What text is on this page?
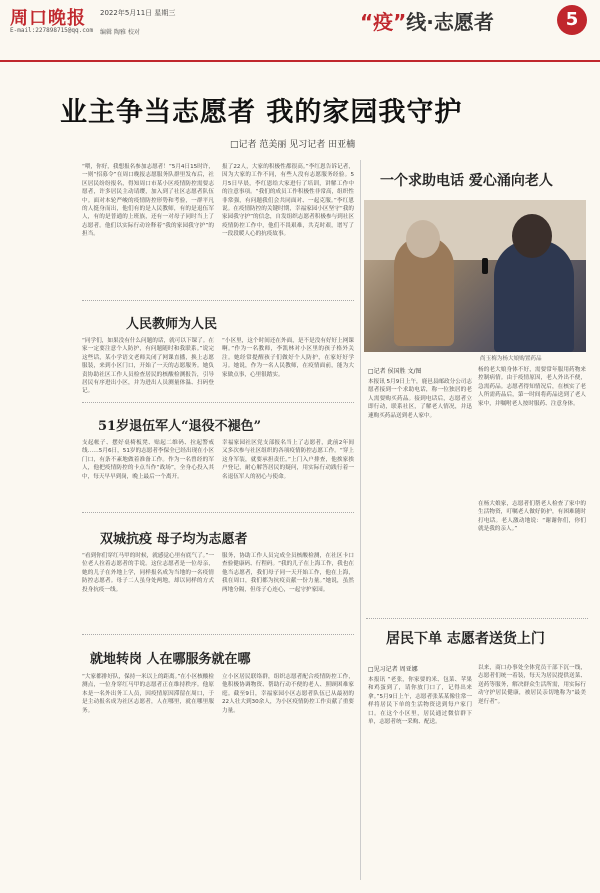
周口晚报 2022年5月11日 星期三
E-mail:227898715@qq.com 编辑 陶雅 校对	“疫”线·志愿者	5
业主争当志愿者 我的家园我守护
□记者 范美丽 见习记者 田亚楠
“喂，你好，我想报名参加志愿者！”5月4日15时许，一则“招募令”在周口晚报志愿服务队群里发布后，社区居民纷纷报名，得知周口市某小区疫情防控需要志愿者，许多居民主动请缨，加入到了社区志愿者队伍中。面对本轮严峻的疫情防控形势和考验，一群平凡的人挺身而出，他们有的是人民教师，有的是退伍军人，有的是普通的上班族，还有一对母子同时当上了志愿者。他们以实际行动诠释着“我的家园我守护”的担当。
报了22人，大家的积极性都很高。”李红恩告诉记者，因为大家的工作不同，有些人没有志愿服务经验。5月5日早晨，李红恩给大家进行了培训，讲解工作中的注意事项。“我们的成员工作积极性非常高，组织性非常强，有问题我们会共同面对、一起克服。”李红恩说。在疫情防控的关键时期，幸福家园小区坚守“我的家园我守护”的信念，自发组织志愿者积极参与到社区疫情防控工作中，他们不畏艰难，共克时艰，谱写了一段段暖人心的抗疫故事。
人民教师为人民
“同学们，如果没有什么问题的话，就可以下课了。在家一定要注意个人防护，有问题随时和我联系。”说完这些话，某小学语文老师关闭了网课直播，换上志愿服装，来到小区门口，开始了一天的志愿服务。她负责协助社区工作人员检查居民的核酸检测报告，引导居民有序进出小区，并为进出人员测量体温、扫码登记。
“小区里，这个时间还在外面，是不是没有好好上网课啊。”作为一名教师，李凯林对小区里的孩子格外关注。她经常提醒孩子们做好个人防护，在家好好学习。她说，作为一名人民教师，在疫情面前，能为大家做点事，心里很踏实。
51岁退伍军人“退役不褪色”
支起帐子、摆好桌椅板凳、贴起二维码、拉起警戒线……5月6日，51岁的志愿者李保全已经出现在小区门口，有条不紊地做着准备工作。作为一名曾经的军人，他把疫情防控的卡点当作“战场”，全身心投入其中，每天早早到岗，晚上最后一个离开。
幸福家园社区党支部报名当上了志愿者，此前2年间又多次参与社区组织的各项疫情防控志愿工作。“穿上这身军装，就要承担责任。”上门入户排查，他挨家挨户登记，耐心解答居民的疑问，用实际行动践行着一名退伍军人的初心与使命。
双城抗疫 母子均为志愿者
“看到你们穿红马甲的时候，就感觉心里有底气了。”一位老人拉着志愿者的手说。这位志愿者是一位母亲，她的儿子在外地上学，同样报名成为当地的一名疫情防控志愿者。母子二人虽身处两地，却以同样的方式投身抗疫一线。
服务，协助工作人员完成全员核酸检测，在社区卡口查验健康码、行程码。“我的儿子在上海工作，我也在他当志愿者，我们母子同一天开始工作，他在上海，我在周口，我们都为抗疫贡献一份力量。”她说，虽然两地分隔，但母子心连心，一起守护家园。
就地转岗 人在哪服务就在哪
“大家都排好队，保持一米以上的距离。”在小区核酸检测点，一位身穿红马甲的志愿者正在维持秩序。他原本是一名外出务工人员，因疫情原因滞留在周口，于是主动报名成为社区志愿者，人在哪里，就在哪里服务。
立小区居民联络群，组织志愿者配合疫情防控工作，他积极协调物资、帮助行动不便的老人、照顾困难家庭。截至9日，幸福家园小区志愿者队伍已从最初的22人壮大到30余人，为小区疫情防控工作贡献了重要力量。
一个求助电话 爱心涌向老人
尚玉梅为杨大娘购置药品
□记者 侯国胜 文/图
本报讯 5月9日上午，鹿邑县邮政分公司志愿者接到一个求助电话，称一位独居的老人需要购买药品。接到电话后，志愿者立即行动，联系社区，了解老人情况，并迅速购买药品送到老人家中。
杨的老大娘身体不好，需要常年服用药物来控制病情。由于疫情原因，老人外出不便，急需药品。志愿者得知情况后，在核实了老人所需药品后，第一时间将药品送到了老人家中，并嘱咐老人按时服药、注意身体。
在杨大娘家，志愿者们帮老人检查了家中的生活物资，叮嘱老人做好防护，有困难随时打电话。老人激动地说：“谢谢你们，你们就是我的亲人。”
居民下单 志愿者送货上门
□见习记者 周亚娜
本报讯 “老张，你家要的米、包菜、苹果和鸡蛋到了，请你放门口了，记得出来拿。”5月9日上午，志愿者张某某像往常一样将居民下单的生活物资送到每户家门口。在这个小区里，居民通过微信群下单，志愿者统一采购、配送。
以来，商口办事处全体党员干部下沉一线，志愿者们统一着装，每天为居民提供送菜、送药等服务，解决群众生活所需，用实际行动守护居民健康，被居民亲切地称为“最美逆行者”。
